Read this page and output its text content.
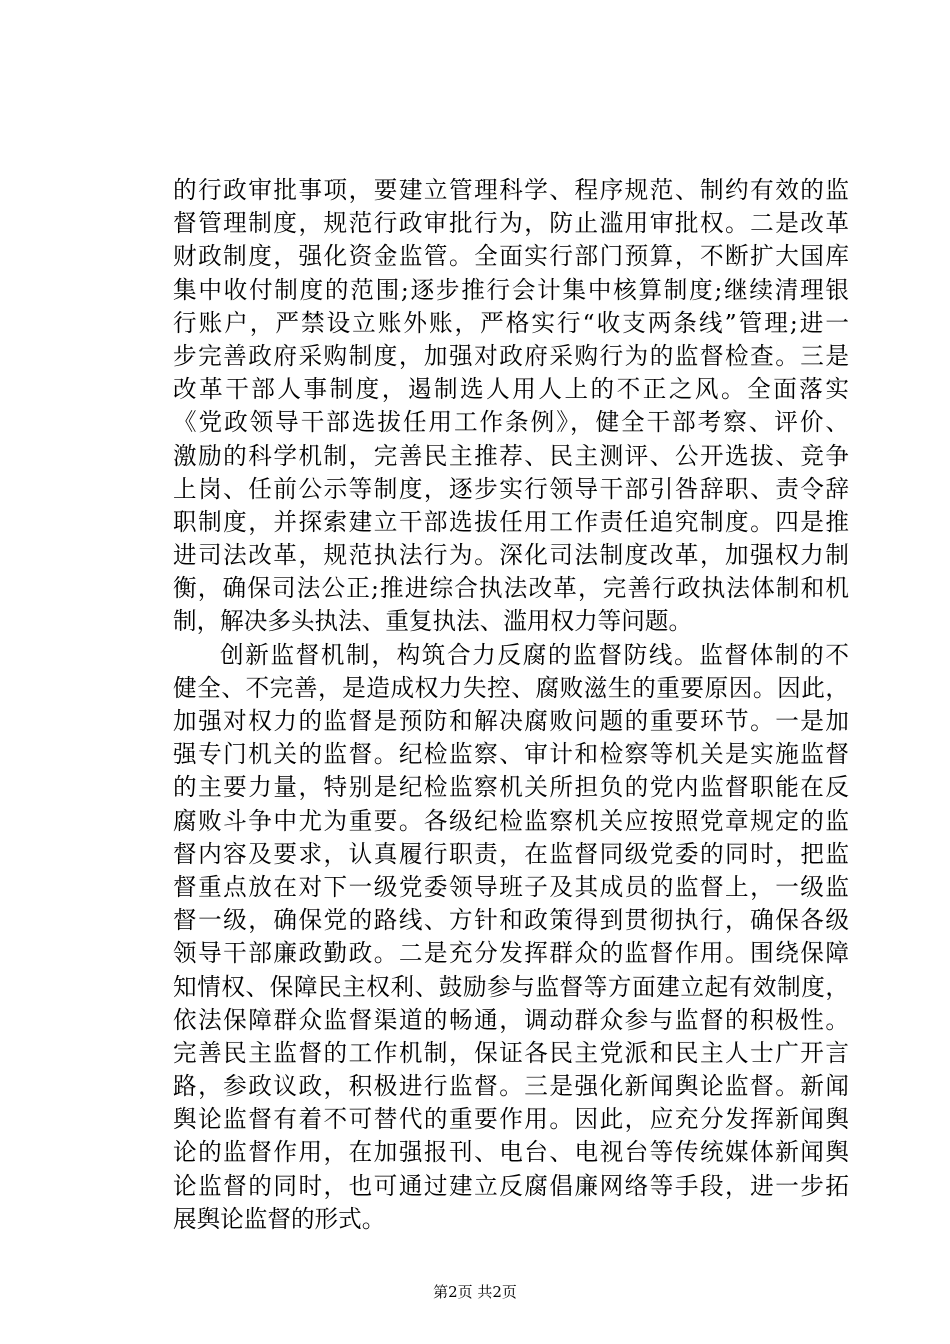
的行政审批事项，要建立管理科学、程序规范、制约有效的监
督管理制度，规范行政审批行为，防止滥用审批权。二是改革
财政制度，强化资金监管。全面实行部门预算，不断扩大国库
集中收付制度的范围;逐步推行会计集中核算制度;继续清理银
行账户，严禁设立账外账，严格实行“收支两条线”管理;进一
步完善政府采购制度，加强对政府采购行为的监督检查。三是
改革干部人事制度，遏制选人用人上的不正之风。全面落实
《党政领导干部选拔任用工作条例》，健全干部考察、评价、
激励的科学机制，完善民主推荐、民主测评、公开选拔、竞争
上岗、任前公示等制度，逐步实行领导干部引咎辞职、责令辞
职制度，并探索建立干部选拔任用工作责任追究制度。四是推
进司法改革，规范执法行为。深化司法制度改革，加强权力制
衡，确保司法公正;推进综合执法改革，完善行政执法体制和机
制，解决多头执法、重复执法、滥用权力等问题。
创新监督机制，构筑合力反腐的监督防线。监督体制的不
健全、不完善，是造成权力失控、腐败滋生的重要原因。因此，
加强对权力的监督是预防和解决腐败问题的重要环节。一是加
强专门机关的监督。纪检监察、审计和检察等机关是实施监督
的主要力量，特别是纪检监察机关所担负的党内监督职能在反
腐败斗争中尤为重要。各级纪检监察机关应按照党章规定的监
督内容及要求，认真履行职责，在监督同级党委的同时，把监
督重点放在对下一级党委领导班子及其成员的监督上，一级监
督一级，确保党的路线、方针和政策得到贯彻执行，确保各级
领导干部廉政勤政。二是充分发挥群众的监督作用。围绕保障
知情权、保障民主权利、鼓励参与监督等方面建立起有效制度，
依法保障群众监督渠道的畅通，调动群众参与监督的积极性。
完善民主监督的工作机制，保证各民主党派和民主人士广开言
路，参政议政，积极进行监督。三是强化新闻舆论监督。新闻
舆论监督有着不可替代的重要作用。因此，应充分发挥新闻舆
论的监督作用，在加强报刊、电台、电视台等传统媒体新闻舆
论监督的同时，也可通过建立反腐倡廉网络等手段，进一步拓
展舆论监督的形式。
第2页 共2页
